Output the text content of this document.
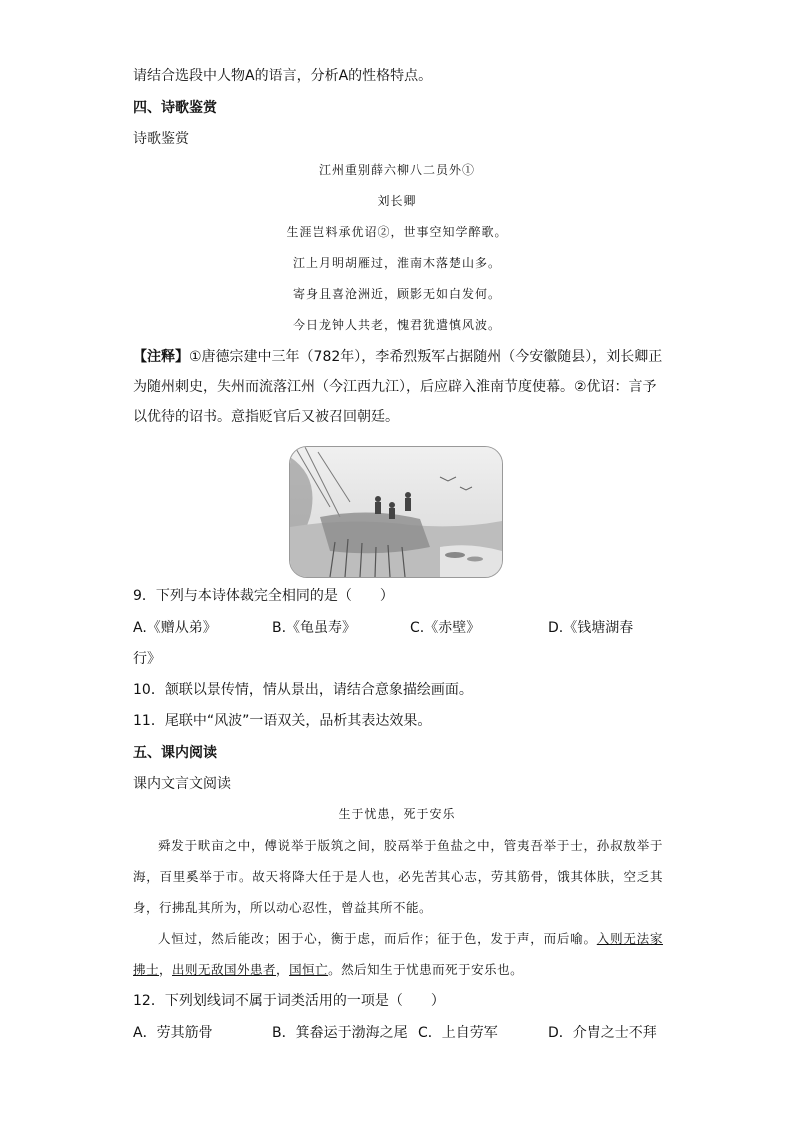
请结合选段中人物A的语言，分析A的性格特点。
四、诗歌鉴赏
诗歌鉴赏
江州重别薛六柳八二员外①
刘长卿
生涯岂料承优诏②，世事空知学醉歌。
江上月明胡雁过，淮南木落楚山多。
寄身且喜沧洲近，顾影无如白发何。
今日龙钟人共老，愧君犹遣慎风波。
【注释】①唐德宗建中三年（782年），李希烈叛军占据随州（今安徽随县），刘长卿正为随州刺史，失州而流落江州（今江西九江），后应辟入淮南节度使幕。②优诏：言予以优待的诏书。意指贬官后又被召回朝廷。
9．下列与本诗体裁完全相同的是（　　）
A.《赠从弟》	B.《龟虽寿》	C.《赤壁》	D.《钱塘湖春
行》
10．颔联以景传情，情从景出，请结合意象描绘画面。
11．尾联中“风波”一语双关，品析其表达效果。
五、课内阅读
课内文言文阅读
生于忧患，死于安乐

舜发于畎亩之中，傅说举于版筑之间，胶鬲举于鱼盐之中，管夷吾举于士，孙叔敖举于海，百里奚举于市。故天将降大任于是人也，必先苦其心志，劳其筋骨，饿其体肤，空乏其身，行拂乱其所为，所以动心忍性，曾益其所不能。

人恒过，然后能改；困于心，衡于虑，而后作；征于色，发于声，而后喻。入则无法家拂士，出则无敌国外患者，国恒亡。然后知生于忧患而死于安乐也。

12．下列划线词不属于词类活用的一项是（　　）
A．劳其筋骨	B．箕畚运于渤海之尾 C．上自劳军	D．介胄之士不拜
